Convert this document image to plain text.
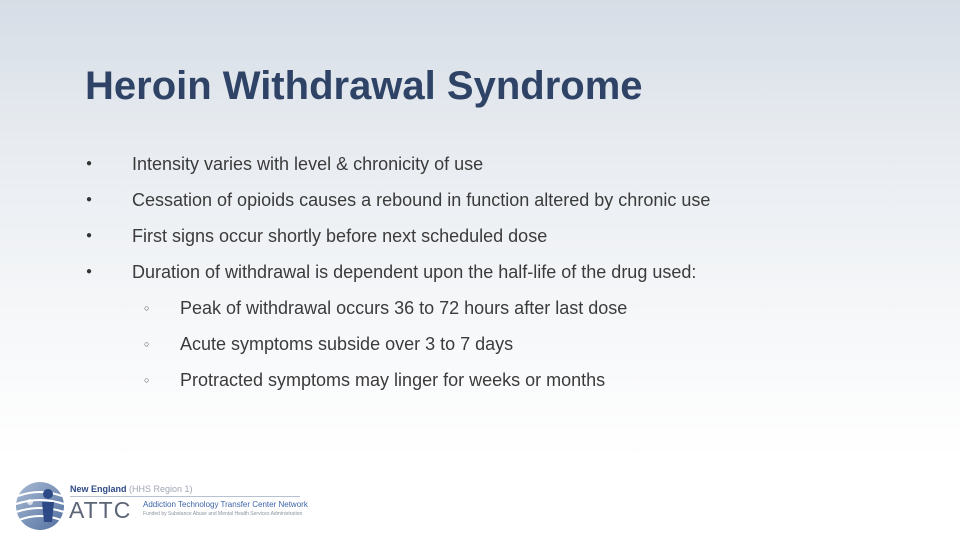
Heroin Withdrawal Syndrome
● Intensity varies with level & chronicity of use
● Cessation of opioids causes a rebound in function altered by chronic use
● First signs occur shortly before next scheduled dose
● Duration of withdrawal is dependent upon the half-life of the drug used:
○ Peak of withdrawal occurs 36 to 72 hours after last dose
○ Acute symptoms subside over 3 to 7 days
○ Protracted symptoms may linger for weeks or months
New England (HHS Region 1)
ATTC Addiction Technology Transfer Center Network
Funded by Substance Abuse and Mental Health Services Administration
